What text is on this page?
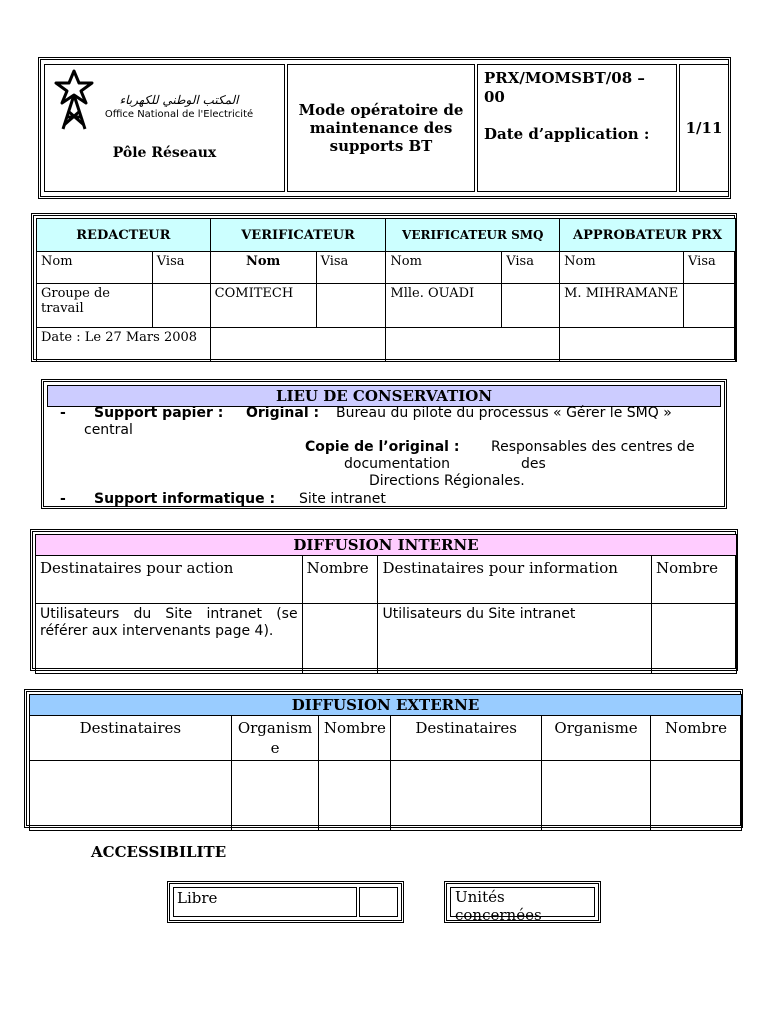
المكتب الوطني للكهرباء
Office National de l'Electricité
Pôle Réseaux
Mode opératoire de maintenance des supports BT
PRX/MOMSBT/08 – 00
Date d’application :	1/11
REDACTEUR		VERIFICATEUR		VERIFICATEUR SMQ		APPROBATEUR PRX	
Nom	Visa	Nom	Visa	Nom	Visa	Nom	Visa
Groupe de travail		COMITECH		Mlle. OUADI		M. MIHRAMANE	
Date : Le 27 Mars 2008							
LIEU DE CONSERVATION
- Support papier : Original : Bureau du pilote du processus « Gérer le SMQ »
central
Copie de l’original : Responsables des centres de
documentation	des
Directions Régionales.
- Support informatique : Site intranet
DIFFUSION INTERNE			
Destinataires pour action	Nombre	Destinataires pour information	Nombre
Utilisateurs du Site intranet (se référer aux intervenants page 4).		Utilisateurs du Site intranet	
DIFFUSION EXTERNE					
Destinataires	Organisme	Nombre	Destinataires	Organisme	Nombre

ACCESSIBILITE
Libre	Unités concernées
